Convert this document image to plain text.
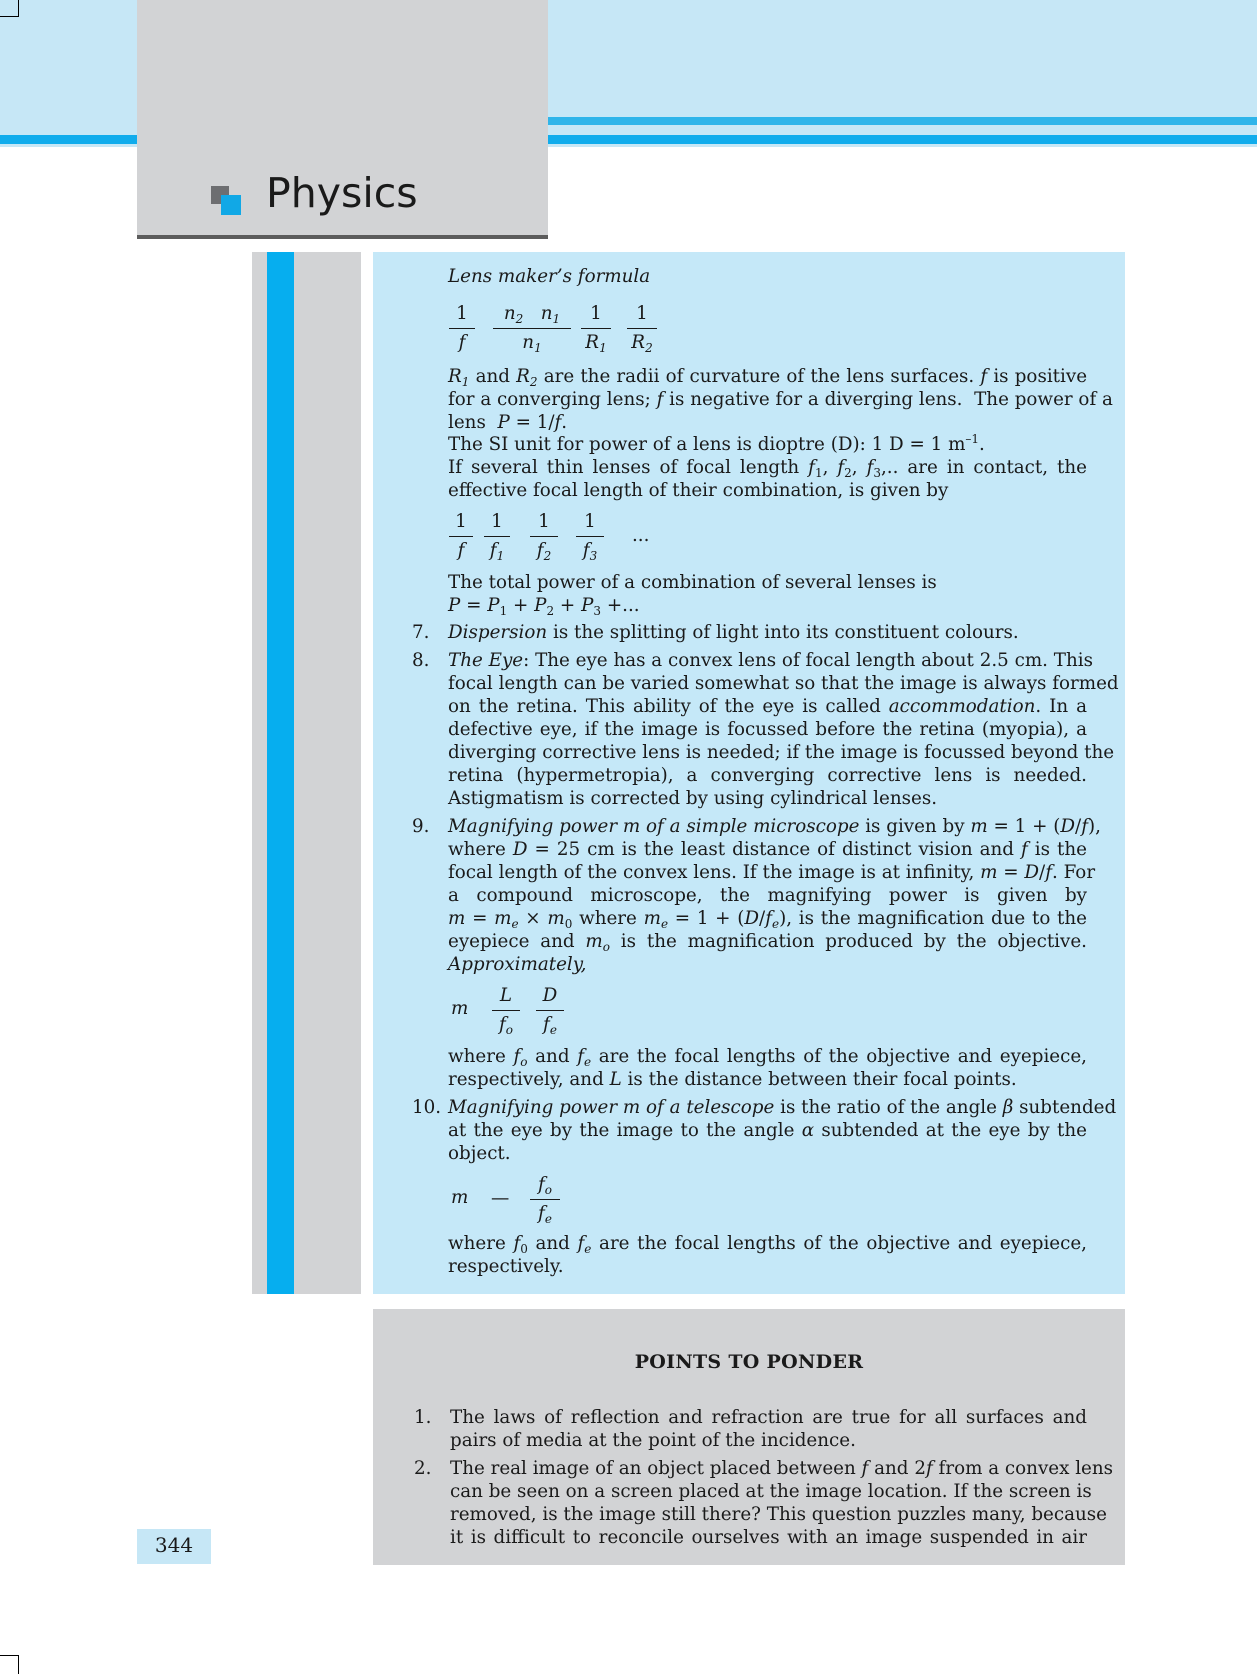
Physics
344
Lens maker’s formula
$\frac{1}{f} \frac{n_2 n_1}{n_1} \frac{1}{R_1} \frac{1}{R_2}$
$R_1$ and $R_2$ are the radii of curvature of the lens surfaces. f is positive
for a converging lens; f is negative for a diverging lens.  The power of a
lens  P = 1/f.
The SI unit for power of a lens is dioptre (D): 1 D = 1 $m^{-1}$.
If several thin lenses of focal length $f_1$, $f_2$, $f_3$,.. are in contact, the
effective focal length of their combination, is given by
$\frac{1}{f} \frac{1}{f_1} \frac{1}{f_2} \frac{1}{f_3}$ ...
The total power of a combination of several lenses is
$P = P_1 + P_2 + P_3$ +...
7. Dispersion is the splitting of light into its constituent colours.
8. The Eye: The eye has a convex lens of focal length about 2.5 cm. This
focal length can be varied somewhat so that the image is always formed
on the retina. This ability of the eye is called accommodation. In a
defective eye, if the image is focussed before the retina (myopia), a
diverging corrective lens is needed; if the image is focussed beyond the
retina (hypermetropia), a converging corrective lens is needed.
Astigmatism is corrected by using cylindrical lenses.
9. Magnifying power m of a simple microscope is given by m = 1 + (D/f
where D = 25 cm is the least distance of distinct vision and f is the
focal length of the convex lens. If the image is at infinity, m = D/f. For
a compound microscope, the magnifying power is given by
$m = m_e \times m_0$ where $m_e = 1 + (D/f_e)$, is the magnification due to the
eyepiece and $m_o$ is the magnification produced by the objective.
Approximately,
m $\frac{L}{f_o} \frac{D}{f_e}$
where $f_o$ and $f_e$ are the focal lengths of the objective and eyepiece,
respectively, and L is the distance between their focal points.
10. Magnifying power m of a telescope is the ratio of the angle β subtended
at the eye by the image to the angle α subtended at the eye by the
object.
m — $\frac{f_o}{f_e}$
where $f_0$ and $f_e$ are the focal lengths of the objective and eyepiece,
respectively.
POINTS TO PONDER
1. The laws of reflection and refraction are true for all surfaces and
pairs of media at the point of the incidence.
2. The real image of an object placed between f and 2f from a convex lens
can be seen on a screen placed at the image location. If the screen is
removed, is the image still there? This question puzzles many, because
it is difficult to reconcile ourselves with an image suspended in air
